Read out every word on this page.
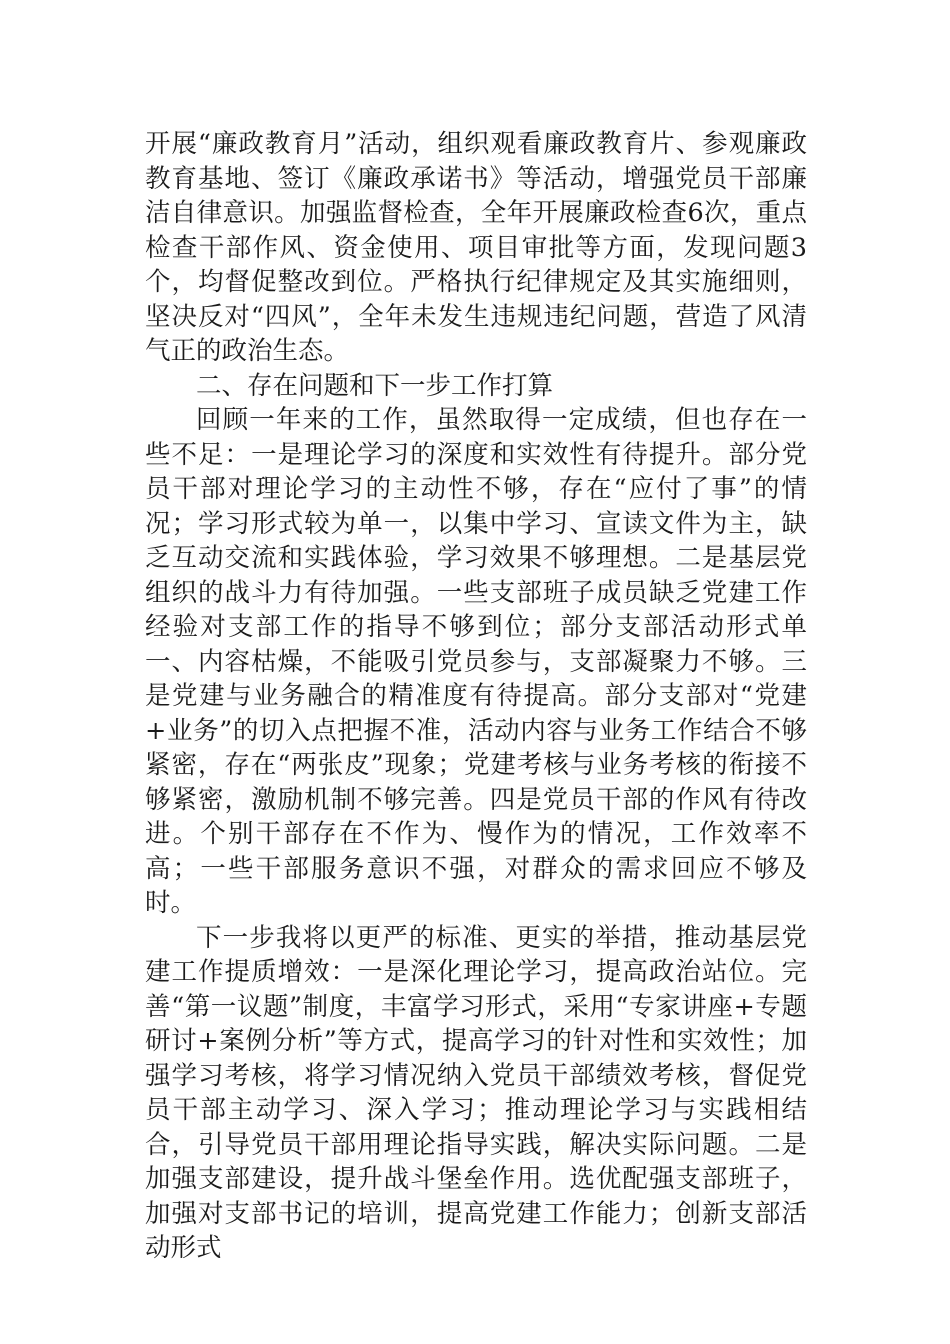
开展“廉政教育月”活动，组织观看廉政教育片、参观廉政教育基地、签订《廉政承诺书》等活动，增强党员干部廉洁自律意识。加强监督检查，全年开展廉政检查6次，重点检查干部作风、资金使用、项目审批等方面，发现问题3个，均督促整改到位。严格执行纪律规定及其实施细则，坚决反对“四风”，全年未发生违规违纪问题，营造了风清气正的政治生态。

二、存在问题和下一步工作打算

回顾一年来的工作，虽然取得一定成绩，但也存在一些不足：一是理论学习的深度和实效性有待提升。部分党员干部对理论学习的主动性不够，存在“应付了事”的情况；学习形式较为单一，以集中学习、宣读文件为主，缺乏互动交流和实践体验，学习效果不够理想。二是基层党组织的战斗力有待加强。一些支部班子成员缺乏党建工作经验对支部工作的指导不够到位；部分支部活动形式单一、内容枯燥，不能吸引党员参与，支部凝聚力不够。三是党建与业务融合的精准度有待提高。部分支部对“党建+业务”的切入点把握不准，活动内容与业务工作结合不够紧密，存在“两张皮”现象；党建考核与业务考核的衔接不够紧密，激励机制不够完善。四是党员干部的作风有待改进。个别干部存在不作为、慢作为的情况，工作效率不高；一些干部服务意识不强，对群众的需求回应不够及时。

下一步我将以更严的标准、更实的举措，推动基层党建工作提质增效：一是深化理论学习，提高政治站位。完善“第一议题”制度，丰富学习形式，采用“专家讲座+专题研讨+案例分析”等方式，提高学习的针对性和实效性；加强学习考核，将学习情况纳入党员干部绩效考核，督促党员干部主动学习、深入学习；推动理论学习与实践相结合，引导党员干部用理论指导实践，解决实际问题。二是加强支部建设，提升战斗堡垒作用。选优配强支部班子，加强对支部书记的培训，提高党建工作能力；创新支部活动形式
